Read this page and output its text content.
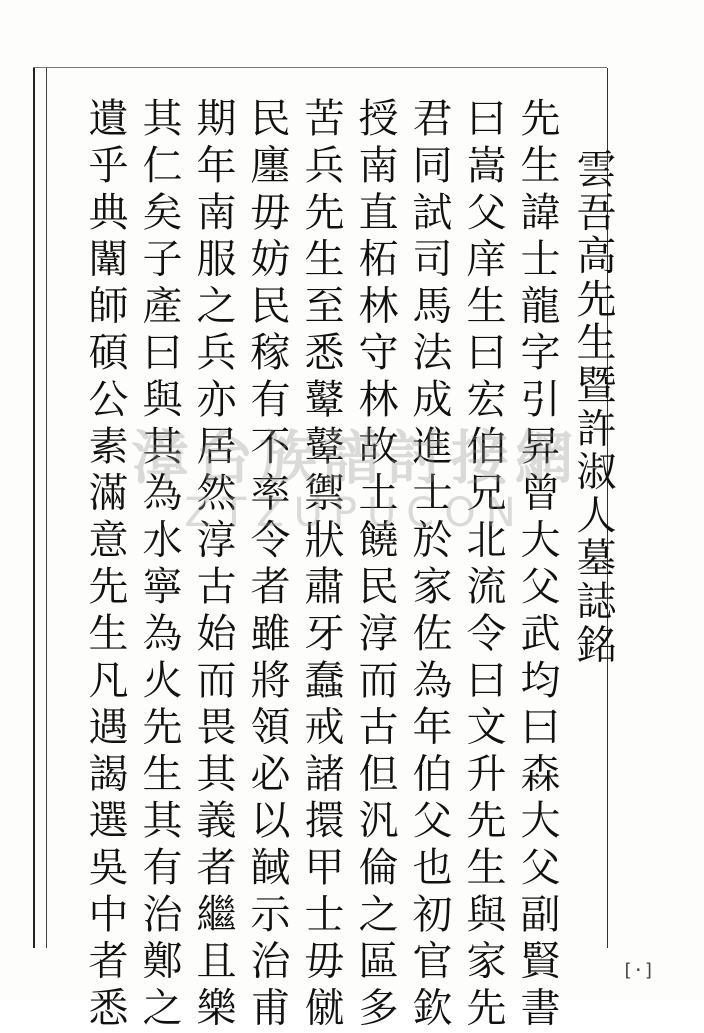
雲吾高先生暨許淑人墓誌銘
先生諱士龍字引昇曾大父武均曰森大父副賢書
曰嵩父庠生曰宏伯兄北流令曰文升先生與家先
君同試司馬法成進士於家佐為年伯父也初官欽
授南直柘林守林故土饒民淳而古但汎倫之區多
苦兵先生至悉鼙鼙禦狀肅牙蠢戒諸擐甲士毋僦
民廛毋妨民稼有不率令者雖將領必以馘示治甫
期年南服之兵亦居然淳古始而畏其義者繼且樂
其仁矣子產曰與其為水寧為火先生其有治鄭之
遺乎典闈師碩公素滿意先生凡遇謁選吳中者悉 漳台族譜討接網
ZTZUPUCON
[·]
